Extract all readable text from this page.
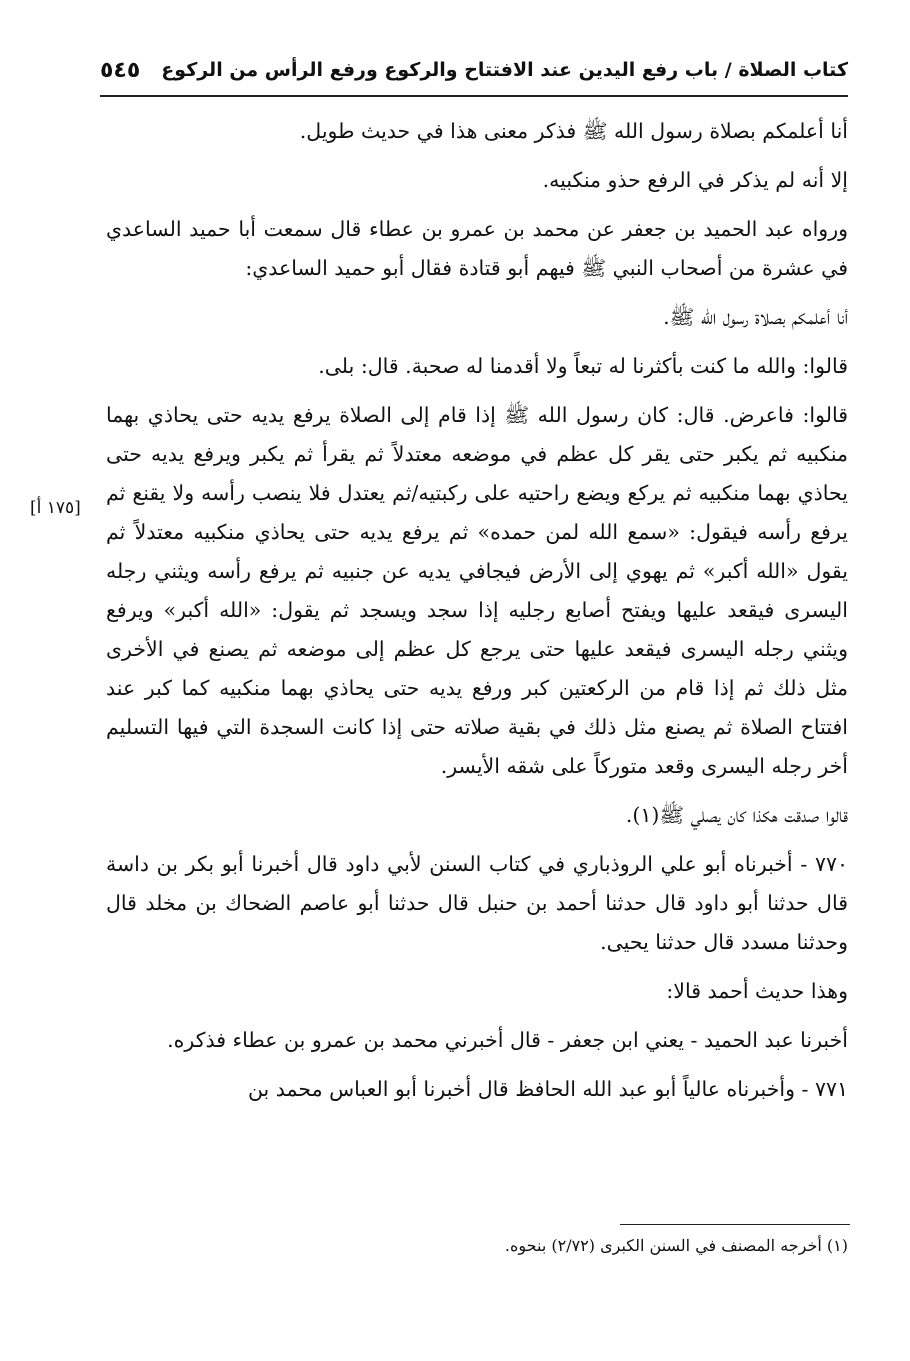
كتاب الصلاة / باب رفع اليدين عند الافتتاح والركوع ورفع الرأس من الركوع
٥٤٥

أنا أعلمكم بصلاة رسول الله ﷺ فذكر معنى هذا في حديث طويل.

إلا أنه لم يذكر في الرفع حذو منكبيه.

ورواه عبد الحميد بن جعفر عن محمد بن عمرو بن عطاء قال سمعت أبا حميد الساعدي في عشرة من أصحاب النبي ﷺ فيهم أبو قتادة فقال أبو حميد الساعدي:

أنا أعلمكم بصلاة رسول الله ﷺ.

قالوا: والله ما كنت بأكثرنا له تبعاً ولا أقدمنا له صحبة. قال: بلى.

قالوا: فاعرض. قال: كان رسول الله ﷺ إذا قام إلى الصلاة يرفع يديه حتى يحاذي بهما منكبيه ثم يكبر حتى يقر كل عظم في موضعه معتدلاً ثم يقرأ ثم يكبر ويرفع يديه حتى يحاذي بهما منكبيه ثم يركع ويضع راحتيه على ركبتيه/ثم يعتدل فلا ينصب رأسه ولا يقنع ثم يرفع رأسه فيقول: «سمع الله لمن حمده» ثم يرفع يديه حتى يحاذي منكبيه معتدلاً ثم يقول «الله أكبر» ثم يهوي إلى الأرض فيجافي يديه عن جنبيه ثم يرفع رأسه ويثني رجله اليسرى فيقعد عليها ويفتح أصابع رجليه إذا سجد ويسجد ثم يقول: «الله أكبر» ويرفع ويثني رجله اليسرى فيقعد عليها حتى يرجع كل عظم إلى موضعه ثم يصنع في الأخرى مثل ذلك ثم إذا قام من الركعتين كبر ورفع يديه حتى يحاذي بهما منكبيه كما كبر عند افتتاح الصلاة ثم يصنع مثل ذلك في بقية صلاته حتى إذا كانت السجدة التي فيها التسليم أخر رجله اليسرى وقعد متوركاً على شقه الأيسر.

قالوا صدقت هكذا كان يصلي ﷺ(١).

٧٧٠ - أخبرناه أبو علي الروذباري في كتاب السنن لأبي داود قال أخبرنا أبو بكر بن داسة قال حدثنا أبو داود قال حدثنا أحمد بن حنبل قال حدثنا أبو عاصم الضحاك بن مخلد قال وحدثنا مسدد قال حدثنا يحيى.

وهذا حديث أحمد قالا:

أخبرنا عبد الحميد - يعني ابن جعفر - قال أخبرني محمد بن عمرو بن عطاء فذكره.

٧٧١ - وأخبرناه عالياً أبو عبد الله الحافظ قال أخبرنا أبو العباس محمد بن

[١٧٥ أ]
(١) أخرجه المصنف في السنن الكبرى (٢/٧٢) بنحوه.
